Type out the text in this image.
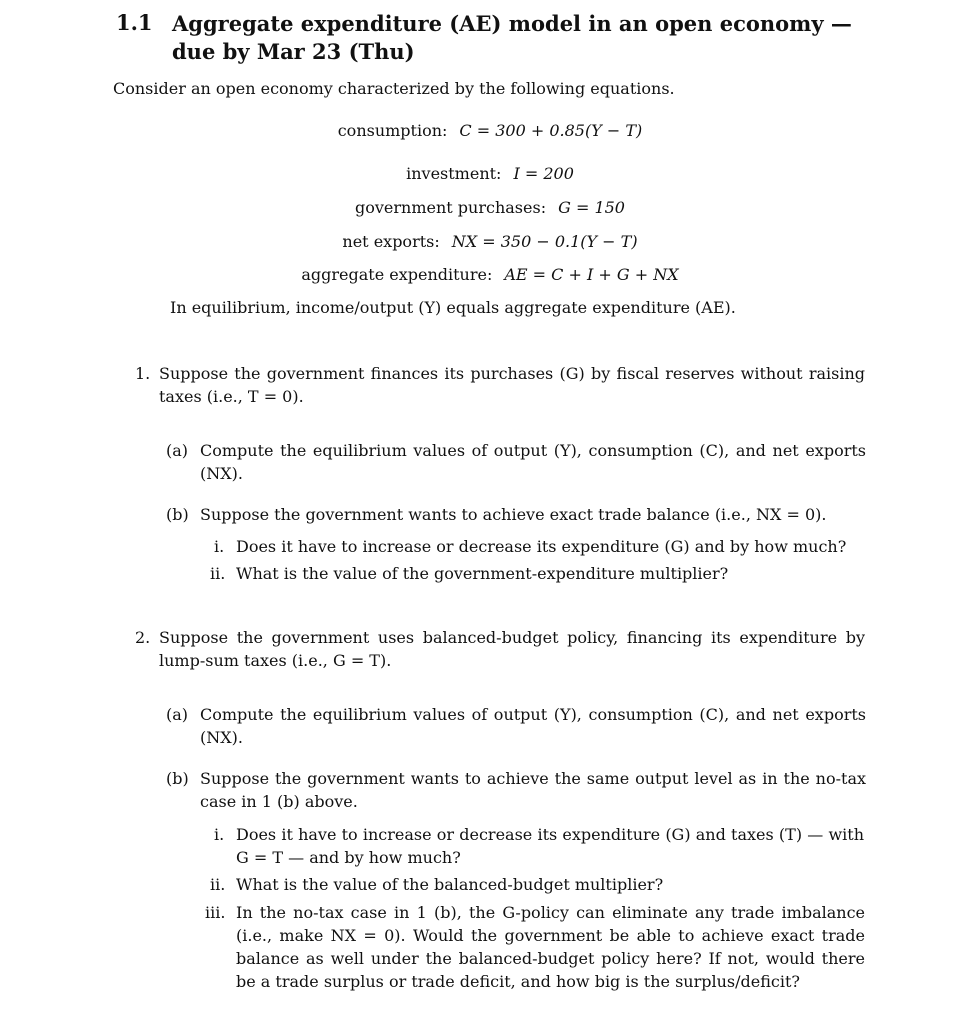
1.1 Aggregate expenditure (AE) model in an open economy — due by Mar 23 (Thu)
Consider an open economy characterized by the following equations.
consumption: C = 300 + 0.85(Y − T)
investment: I = 200
government purchases: G = 150
net exports: NX = 350 − 0.1(Y − T)
aggregate expenditure: AE = C + I + G + NX
In equilibrium, income/output (Y) equals aggregate expenditure (AE).
1. Suppose the government finances its purchases (G) by fiscal reserves without raising taxes (i.e., T = 0).
(a) Compute the equilibrium values of output (Y), consumption (C), and net exports (NX).
(b) Suppose the government wants to achieve exact trade balance (i.e., NX = 0).
i. Does it have to increase or decrease its expenditure (G) and by how much?
ii. What is the value of the government-expenditure multiplier?
2. Suppose the government uses balanced-budget policy, financing its expenditure by lump-sum taxes (i.e., G = T).
(a) Compute the equilibrium values of output (Y), consumption (C), and net exports (NX).
(b) Suppose the government wants to achieve the same output level as in the no-tax case in 1 (b) above.
i. Does it have to increase or decrease its expenditure (G) and taxes (T) — with G = T — and by how much?
ii. What is the value of the balanced-budget multiplier?
iii. In the no-tax case in 1 (b), the G-policy can eliminate any trade imbalance (i.e., make NX = 0). Would the government be able to achieve exact trade balance as well under the balanced-budget policy here? If not, would there be a trade surplus or trade deficit, and how big is the surplus/deficit?
